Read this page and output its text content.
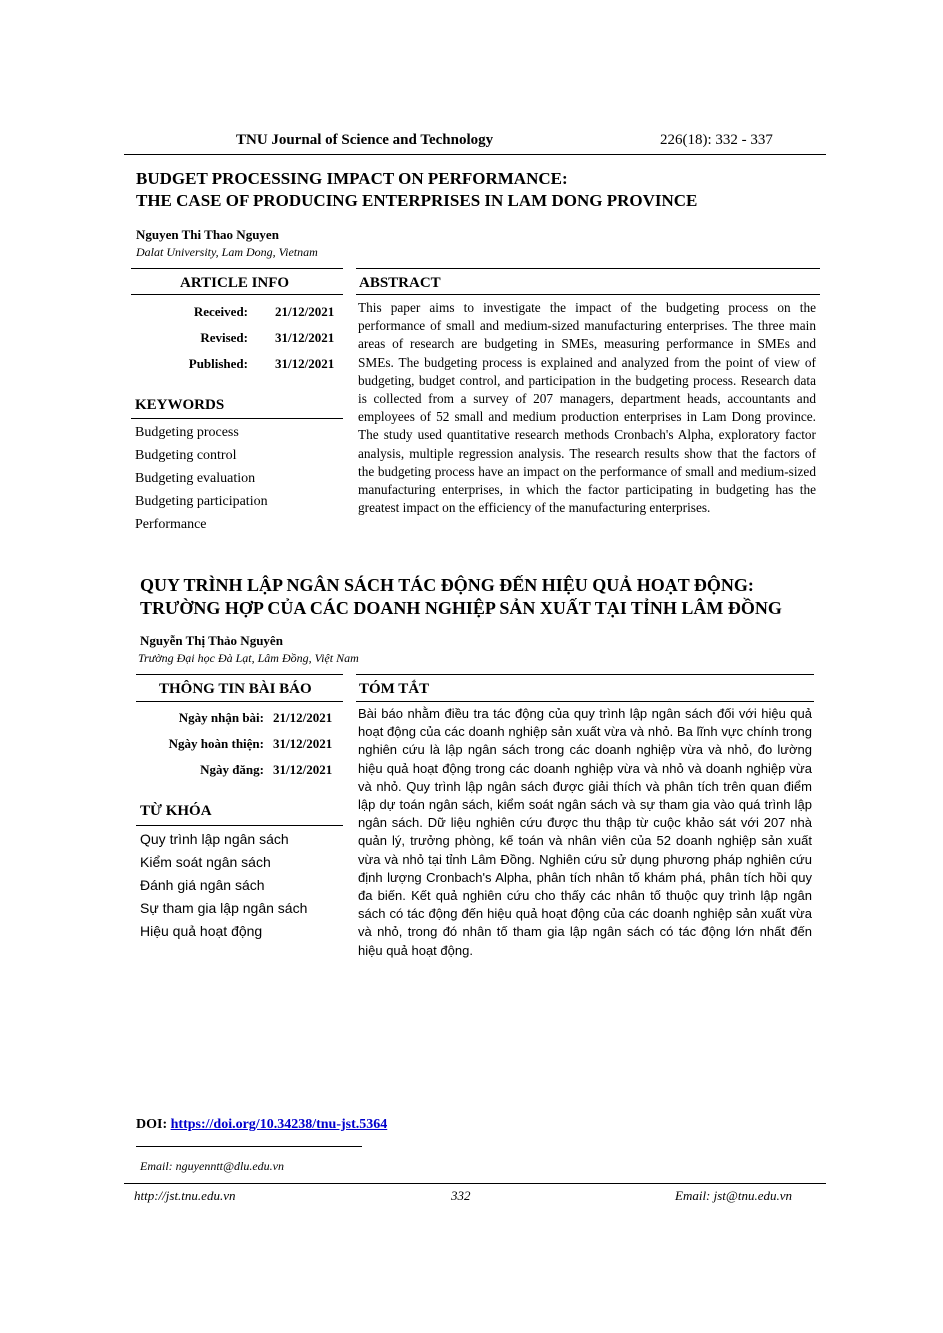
TNU Journal of Science and Technology	226(18): 332 - 337
BUDGET PROCESSING IMPACT ON PERFORMANCE:
THE CASE OF PRODUCING ENTERPRISES IN LAM DONG PROVINCE
Nguyen Thi Thao Nguyen
Dalat University, Lam Dong, Vietnam
ARTICLE INFO	ABSTRACT
Received: 21/12/2021
Revised: 31/12/2021
Published: 31/12/2021
KEYWORDS
Budgeting process
Budgeting control
Budgeting evaluation
Budgeting participation
Performance
This paper aims to investigate the impact of the budgeting process on the performance of small and medium-sized manufacturing enterprises. The three main areas of research are budgeting in SMEs, measuring performance in SMEs and SMEs. The budgeting process is explained and analyzed from the point of view of budgeting, budget control, and participation in the budgeting process. Research data is collected from a survey of 207 managers, department heads, accountants and employees of 52 small and medium production enterprises in Lam Dong province. The study used quantitative research methods Cronbach's Alpha, exploratory factor analysis, multiple regression analysis. The research results show that the factors of the budgeting process have an impact on the performance of small and medium-sized manufacturing enterprises, in which the factor participating in budgeting has the greatest impact on the efficiency of the manufacturing enterprises.
QUY TRÌNH LẬP NGÂN SÁCH TÁC ĐỘNG ĐẾN HIỆU QUẢ HOẠT ĐỘNG:
TRƯỜNG HỢP CỦA CÁC DOANH NGHIỆP SẢN XUẤT TẠI TỈNH LÂM ĐỒNG
Nguyễn Thị Thảo Nguyên
Trường Đại học Đà Lạt, Lâm Đồng, Việt Nam
THÔNG TIN BÀI BÁO	TÓM TẮT
Ngày nhận bài: 21/12/2021
Ngày hoàn thiện: 31/12/2021
Ngày đăng: 31/12/2021
TỪ KHÓA
Quy trình lập ngân sách
Kiểm soát ngân sách
Đánh giá ngân sách
Sự tham gia lập ngân sách
Hiệu quả hoạt động
Bài báo nhằm điều tra tác động của quy trình lập ngân sách đối với hiệu quả hoạt động của các doanh nghiệp sản xuất vừa và nhỏ. Ba lĩnh vực chính trong nghiên cứu là lập ngân sách trong các doanh nghiệp vừa và nhỏ, đo lường hiệu quả hoạt động trong các doanh nghiệp vừa và nhỏ và doanh nghiệp vừa và nhỏ. Quy trình lập ngân sách được giải thích và phân tích trên quan điểm lập dự toán ngân sách, kiểm soát ngân sách và sự tham gia vào quá trình lập ngân sách. Dữ liệu nghiên cứu được thu thập từ cuộc khảo sát với 207 nhà quản lý, trưởng phòng, kế toán và nhân viên của 52 doanh nghiệp sản xuất vừa và nhỏ tại tỉnh Lâm Đồng. Nghiên cứu sử dụng phương pháp nghiên cứu định lượng Cronbach's Alpha, phân tích nhân tố khám phá, phân tích hồi quy đa biến. Kết quả nghiên cứu cho thấy các nhân tố thuộc quy trình lập ngân sách có tác động đến hiệu quả hoạt động của các doanh nghiệp sản xuất vừa và nhỏ, trong đó nhân tố tham gia lập ngân sách có tác động lớn nhất đến hiệu quả hoạt động.
DOI: https://doi.org/10.34238/tnu-jst.5364
Email: nguyenntt@dlu.edu.vn
http://jst.tnu.edu.vn	332	Email: jst@tnu.edu.vn
